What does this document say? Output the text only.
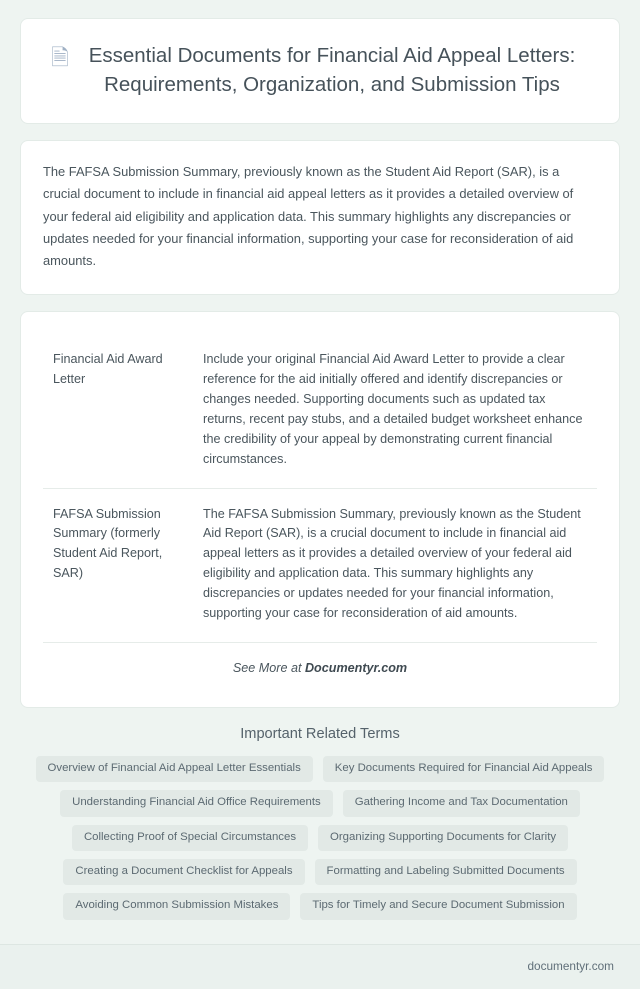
🗎 Essential Documents for Financial Aid Appeal Letters: Requirements, Organization, and Submission Tips

The FAFSA Submission Summary, previously known as the Student Aid Report (SAR), is a crucial document to include in financial aid appeal letters as it provides a detailed overview of your federal aid eligibility and application data. This summary highlights any discrepancies or updates needed for your financial information, supporting your case for reconsideration of aid amounts.

Financial Aid Award Letter	Include your original Financial Aid Award Letter to provide a clear reference for the aid initially offered and identify discrepancies or changes needed. Supporting documents such as updated tax returns, recent pay stubs, and a detailed budget worksheet enhance the credibility of your appeal by demonstrating current financial circumstances.
FAFSA Submission Summary (formerly Student Aid Report, SAR)	The FAFSA Submission Summary, previously known as the Student Aid Report (SAR), is a crucial document to include in financial aid appeal letters as it provides a detailed overview of your federal aid eligibility and application data. This summary highlights any discrepancies or updates needed for your financial information, supporting your case for reconsideration of aid amounts.
See More at Documentyr.com	
Important Related Terms
Overview of Financial Aid Appeal Letter Essentials	Key Documents Required for Financial Aid Appeals
Understanding Financial Aid Office Requirements	Gathering Income and Tax Documentation
Collecting Proof of Special Circumstances	Organizing Supporting Documents for Clarity
Creating a Document Checklist for Appeals	Formatting and Labeling Submitted Documents
Avoiding Common Submission Mistakes	Tips for Timely and Secure Document Submission
documentyr.com
